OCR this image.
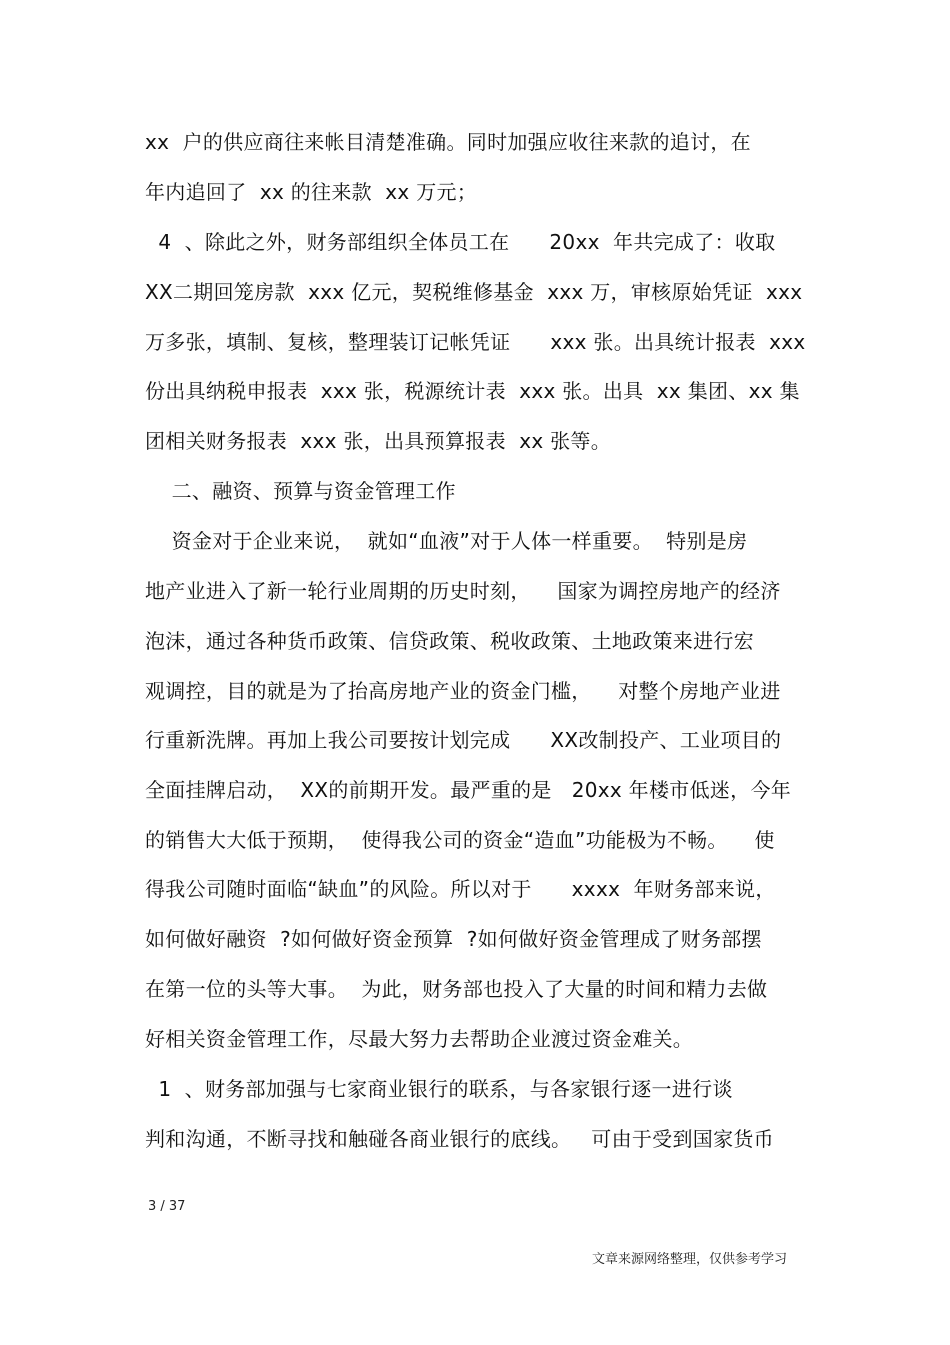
xx  户的供应商往来帐目清楚准确。同时加强应收往来款的追讨，在
年内追回了  xx 的往来款  xx 万元；
4  、除此之外，财务部组织全体员工在      20xx  年共完成了：收取
XX二期回笼房款  xxx 亿元，契税维修基金  xxx 万，审核原始凭证  xxx
万多张，填制、复核，整理装订记帐凭证      xxx 张。出具统计报表  xxx
份出具纳税申报表  xxx 张，税源统计表  xxx 张。出具  xx 集团、xx 集
团相关财务报表  xxx 张，出具预算报表  xx 张等。
二、融资、预算与资金管理工作
资金对于企业来说，  就如“血液”对于人体一样重要。  特别是房
地产业进入了新一轮行业周期的历史时刻，    国家为调控房地产的经济
泡沫，通过各种货币政策、信贷政策、税收政策、土地政策来进行宏
观调控，目的就是为了抬高房地产业的资金门槛，    对整个房地产业进
行重新洗牌。再加上我公司要按计划完成      XX改制投产、工业项目的
全面挂牌启动，  XX的前期开发。最严重的是   20xx 年楼市低迷，今年
的销售大大低于预期，  使得我公司的资金“造血”功能极为不畅。    使
得我公司随时面临“缺血”的风险。所以对于      xxxx  年财务部来说，
如何做好融资  ?如何做好资金预算  ?如何做好资金管理成了财务部摆
在第一位的头等大事。  为此，财务部也投入了大量的时间和精力去做
好相关资金管理工作，尽最大努力去帮助企业渡过资金难关。
1  、财务部加强与七家商业银行的联系，与各家银行逐一进行谈
判和沟通，不断寻找和触碰各商业银行的底线。   可由于受到国家货币
3 / 37
文章来源网络整理，仅供参考学习
